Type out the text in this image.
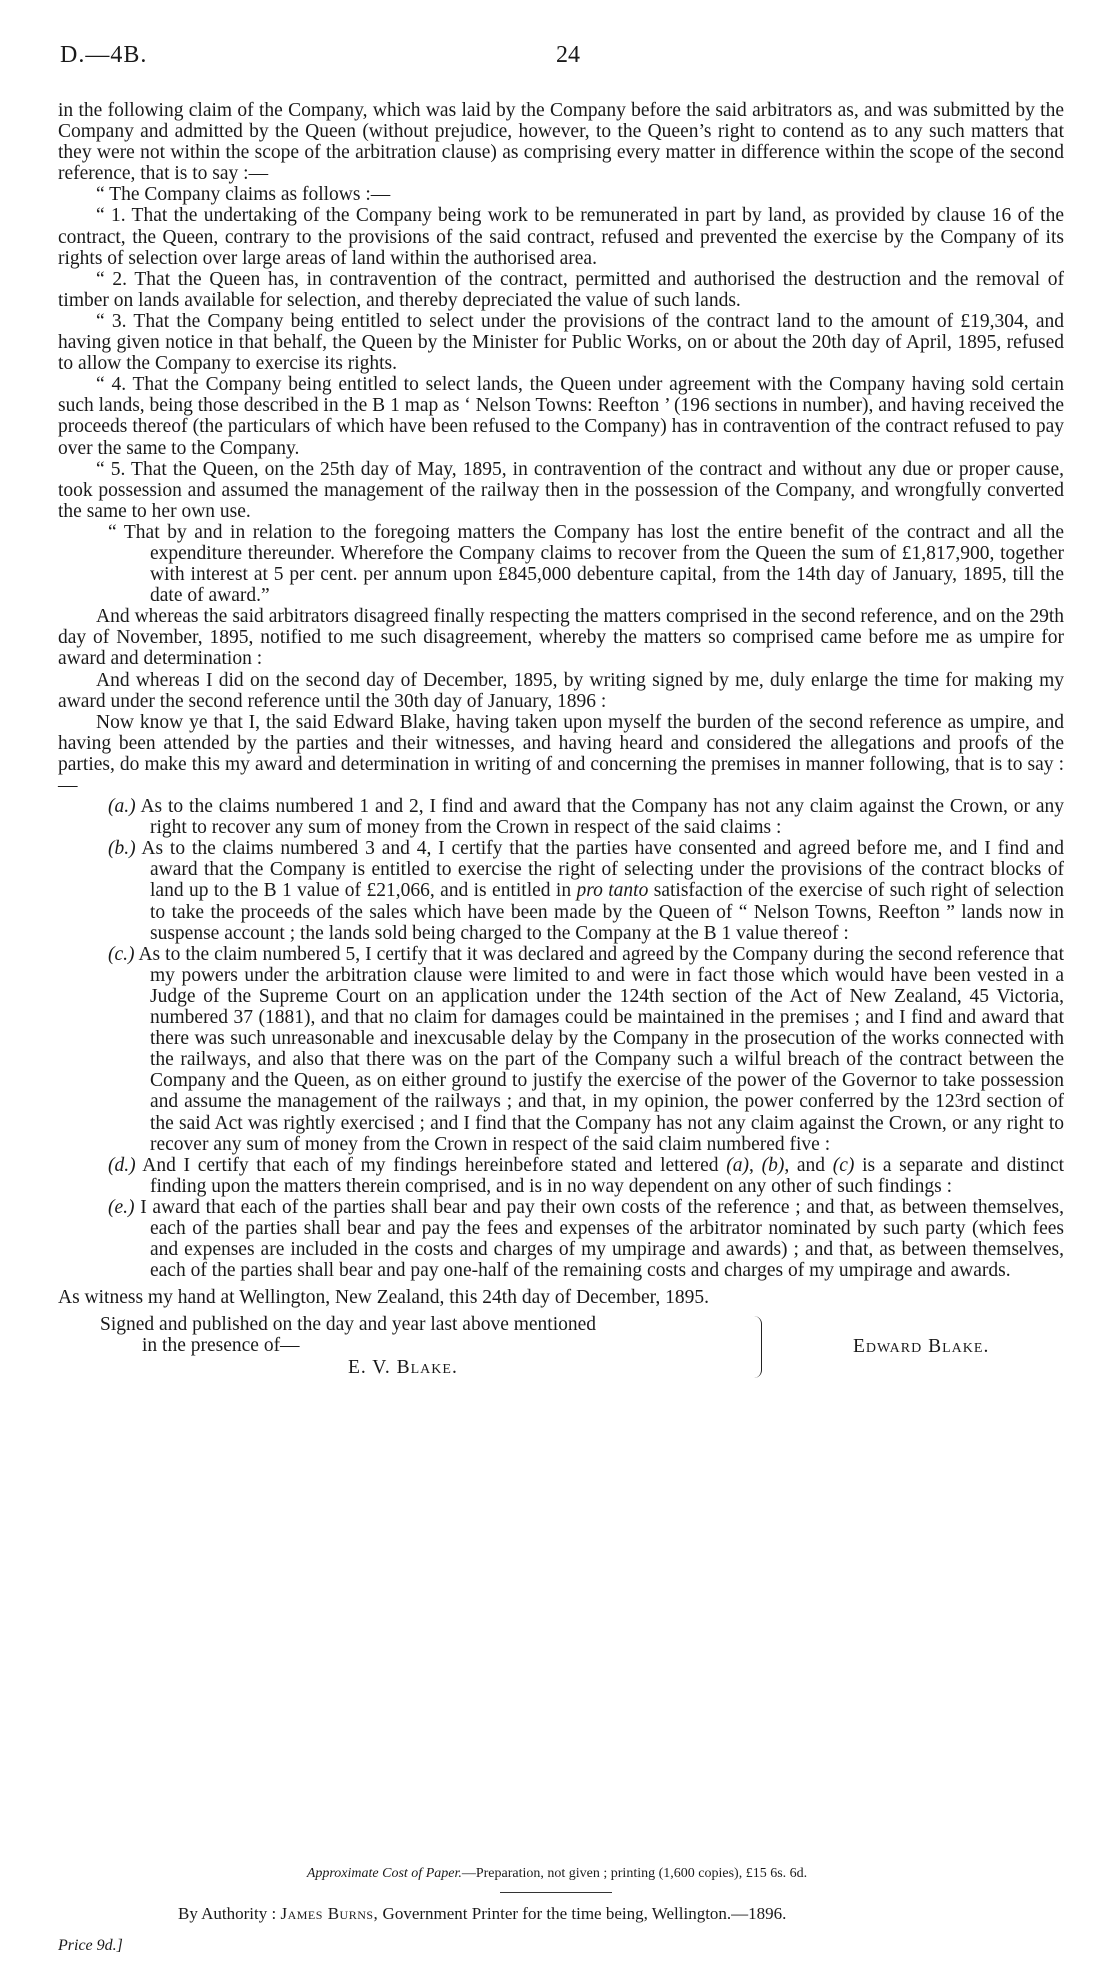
D.—4B.	24

in the following claim of the Company, which was laid by the Company before the said arbitrators as, and was submitted by the Company and admitted by the Queen (without prejudice, however, to the Queen’s right to contend as to any such matters that they were not within the scope of the arbitration clause) as comprising every matter in difference within the scope of the second reference, that is to say :—

“ The Company claims as follows :—

“ 1. That the undertaking of the Company being work to be remunerated in part by land, as provided by clause 16 of the contract, the Queen, contrary to the provisions of the said contract, refused and prevented the exercise by the Company of its rights of selection over large areas of land within the authorised area.

“ 2. That the Queen has, in contravention of the contract, permitted and authorised the destruction and the removal of timber on lands available for selection, and thereby depreciated the value of such lands.

“ 3. That the Company being entitled to select under the provisions of the contract land to the amount of £19,304, and having given notice in that behalf, the Queen by the Minister for Public Works, on or about the 20th day of April, 1895, refused to allow the Company to exercise its rights.

“ 4. That the Company being entitled to select lands, the Queen under agreement with the Company having sold certain such lands, being those described in the B 1 map as ‘ Nelson Towns: Reefton ’ (196 sections in number), and having received the proceeds thereof (the particulars of which have been refused to the Company) has in contravention of the contract refused to pay over the same to the Company.

“ 5. That the Queen, on the 25th day of May, 1895, in contravention of the contract and without any due or proper cause, took possession and assumed the management of the railway then in the possession of the Company, and wrongfully converted the same to her own use.

“ That by and in relation to the foregoing matters the Company has lost the entire benefit of the contract and all the expenditure thereunder. Wherefore the Company claims to recover from the Queen the sum of £1,817,900, together with interest at 5 per cent. per annum upon £845,000 debenture capital, from the 14th day of January, 1895, till the date of award.”

And whereas the said arbitrators disagreed finally respecting the matters comprised in the second reference, and on the 29th day of November, 1895, notified to me such disagreement, whereby the matters so comprised came before me as umpire for award and determination :

And whereas I did on the second day of December, 1895, by writing signed by me, duly enlarge the time for making my award under the second reference until the 30th day of January, 1896 :

Now know ye that I, the said Edward Blake, having taken upon myself the burden of the second reference as umpire, and having been attended by the parties and their witnesses, and having heard and considered the allegations and proofs of the parties, do make this my award and determination in writing of and concerning the premises in manner following, that is to say :—

(a.) As to the claims numbered 1 and 2, I find and award that the Company has not any claim against the Crown, or any right to recover any sum of money from the Crown in respect of the said claims :

(b.) As to the claims numbered 3 and 4, I certify that the parties have consented and agreed before me, and I find and award that the Company is entitled to exercise the right of selecting under the provisions of the contract blocks of land up to the B 1 value of £21,066, and is entitled in pro tanto satisfaction of the exercise of such right of selection to take the proceeds of the sales which have been made by the Queen of “ Nelson Towns, Reefton ” lands now in suspense account ; the lands sold being charged to the Company at the B 1 value thereof :

(c.) As to the claim numbered 5, I certify that it was declared and agreed by the Company during the second reference that my powers under the arbitration clause were limited to and were in fact those which would have been vested in a Judge of the Supreme Court on an application under the 124th section of the Act of New Zealand, 45 Victoria, numbered 37 (1881), and that no claim for damages could be maintained in the premises ; and I find and award that there was such unreasonable and inexcusable delay by the Company in the prosecution of the works connected with the railways, and also that there was on the part of the Company such a wilful breach of the contract between the Company and the Queen, as on either ground to justify the exercise of the power of the Governor to take possession and assume the management of the railways ; and that, in my opinion, the power conferred by the 123rd section of the said Act was rightly exercised ; and I find that the Company has not any claim against the Crown, or any right to recover any sum of money from the Crown in respect of the said claim numbered five :

(d.) And I certify that each of my findings hereinbefore stated and lettered (a), (b), and (c) is a separate and distinct finding upon the matters therein comprised, and is in no way dependent on any other of such findings :

(e.) I award that each of the parties shall bear and pay their own costs of the reference ; and that, as between themselves, each of the parties shall bear and pay the fees and expenses of the arbitrator nominated by such party (which fees and expenses are included in the costs and charges of my umpirage and awards) ; and that, as between themselves, each of the parties shall bear and pay one-half of the remaining costs and charges of my umpirage and awards.

As witness my hand at Wellington, New Zealand, this 24th day of December, 1895.

Signed and published on the day and year last above mentioned

in the presence of—

E. V. Blake.

Edward Blake.
Approximate Cost of Paper.—Preparation, not given ; printing (1,600 copies), £15 6s. 6d.
By Authority : James Burns, Government Printer for the time being, Wellington.—1896.
Price 9d.]
